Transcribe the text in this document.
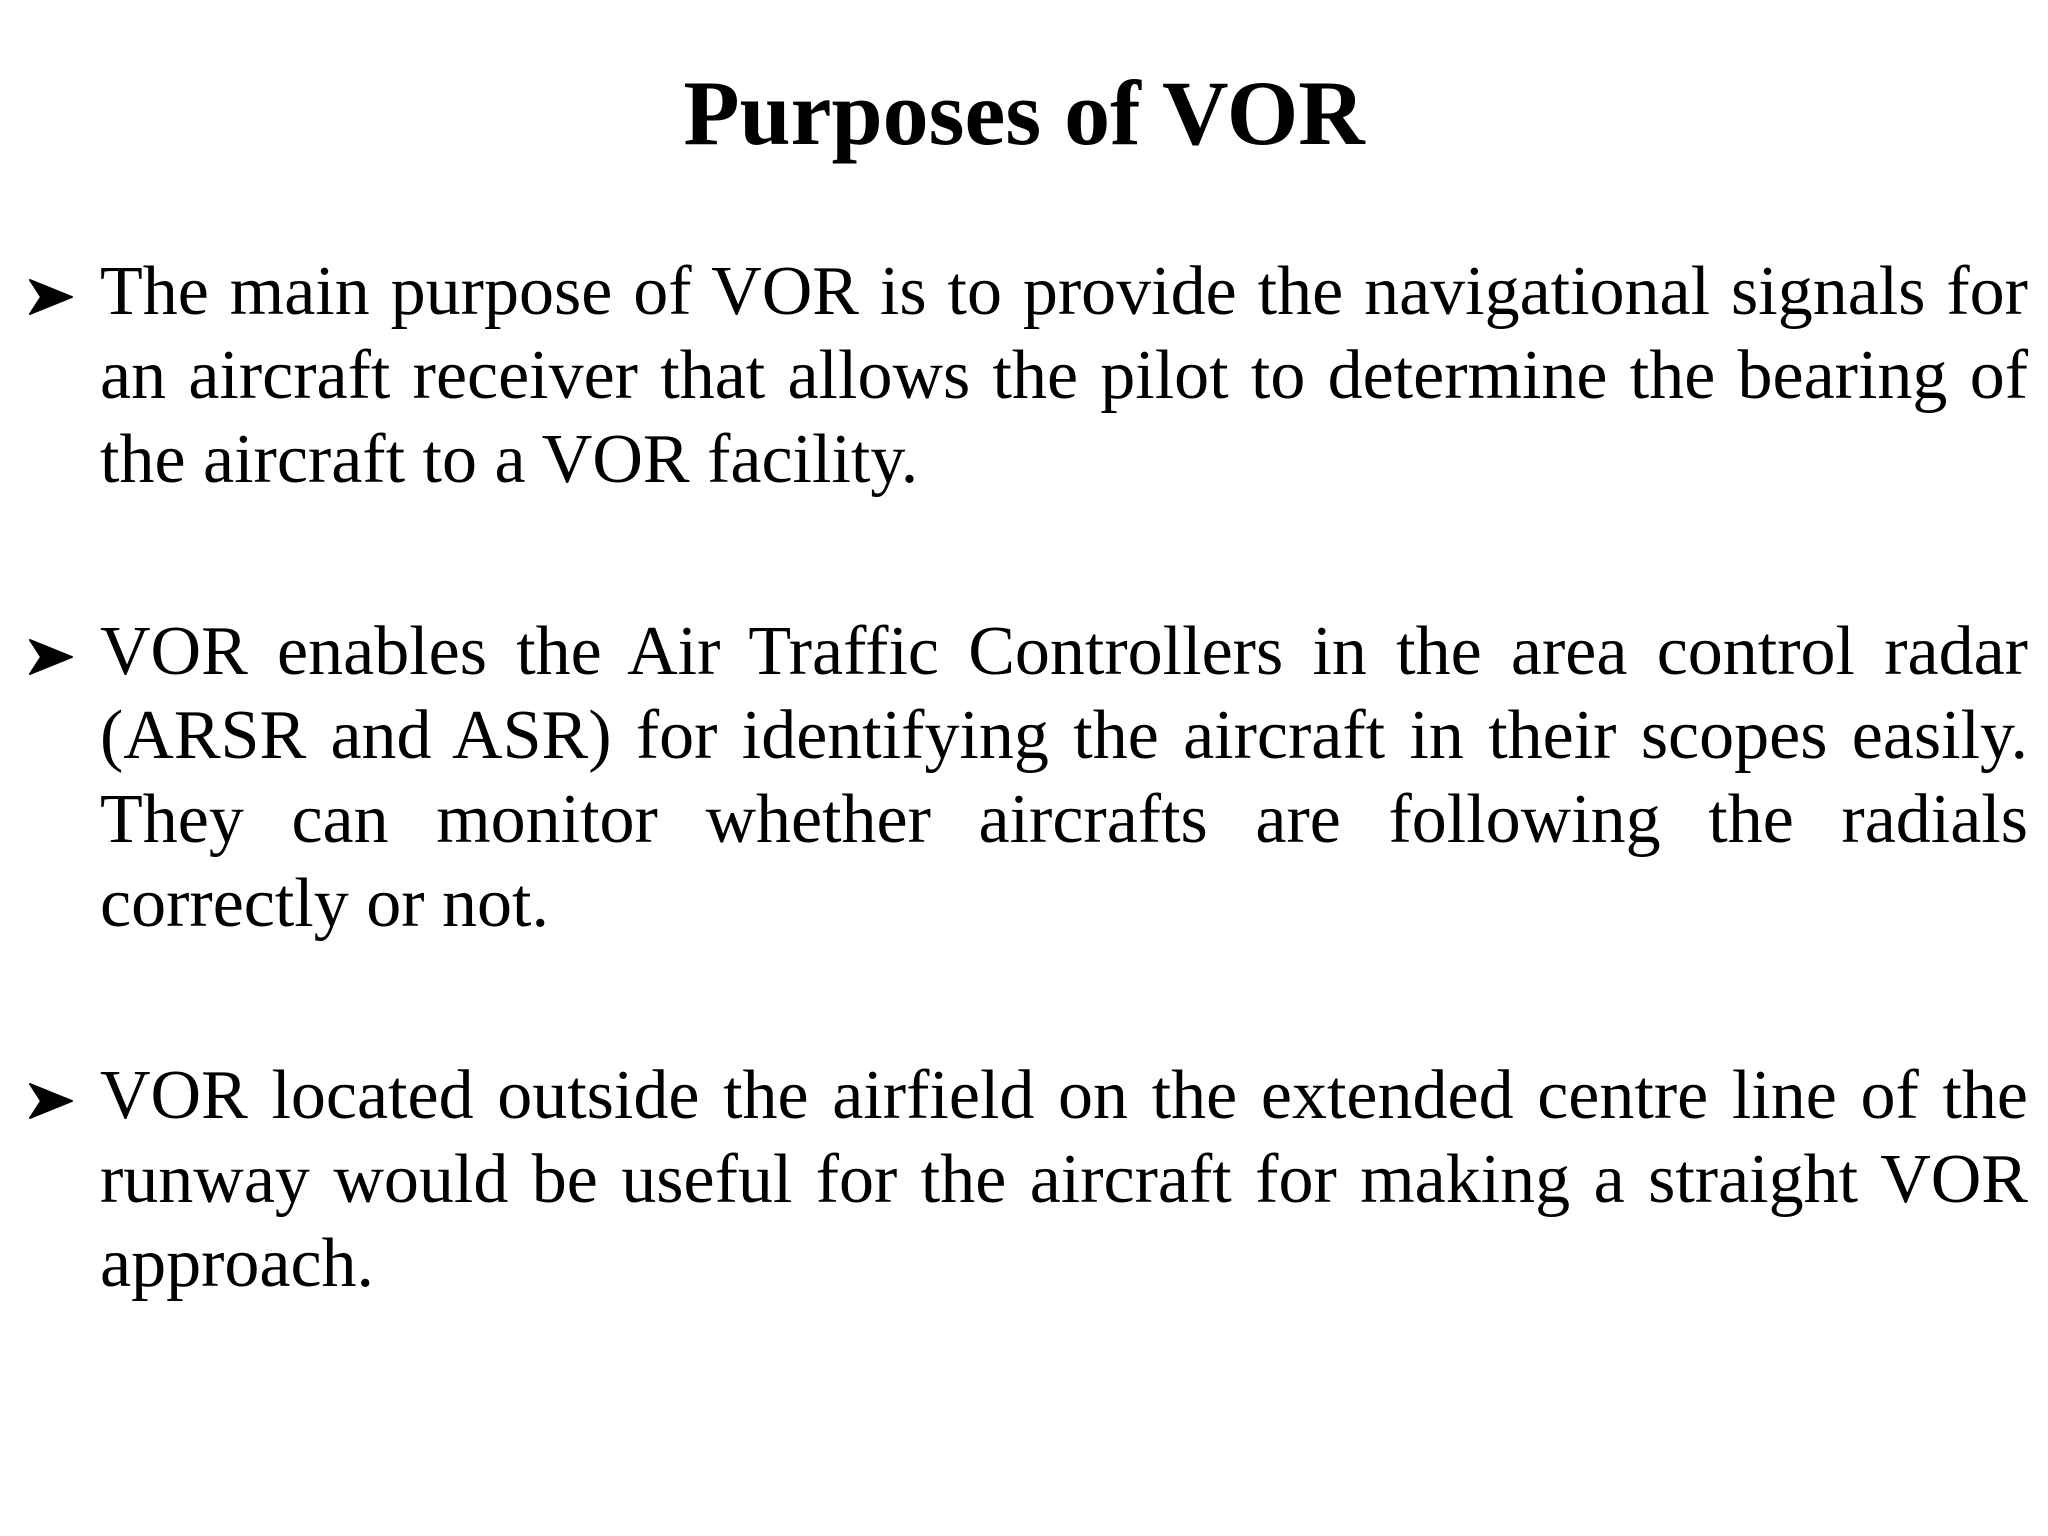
Purposes of VOR
The main purpose of VOR is to provide the navigational signals for an aircraft receiver that allows the pilot to determine the bearing of the aircraft to a VOR facility.
VOR enables the Air Traffic Controllers in the area control radar (ARSR and ASR) for identifying the aircraft in their scopes easily. They can monitor whether aircrafts are following the radials correctly or not.
VOR located outside the airfield on the extended centre line of the runway would be useful for the aircraft for making a straight VOR approach.
